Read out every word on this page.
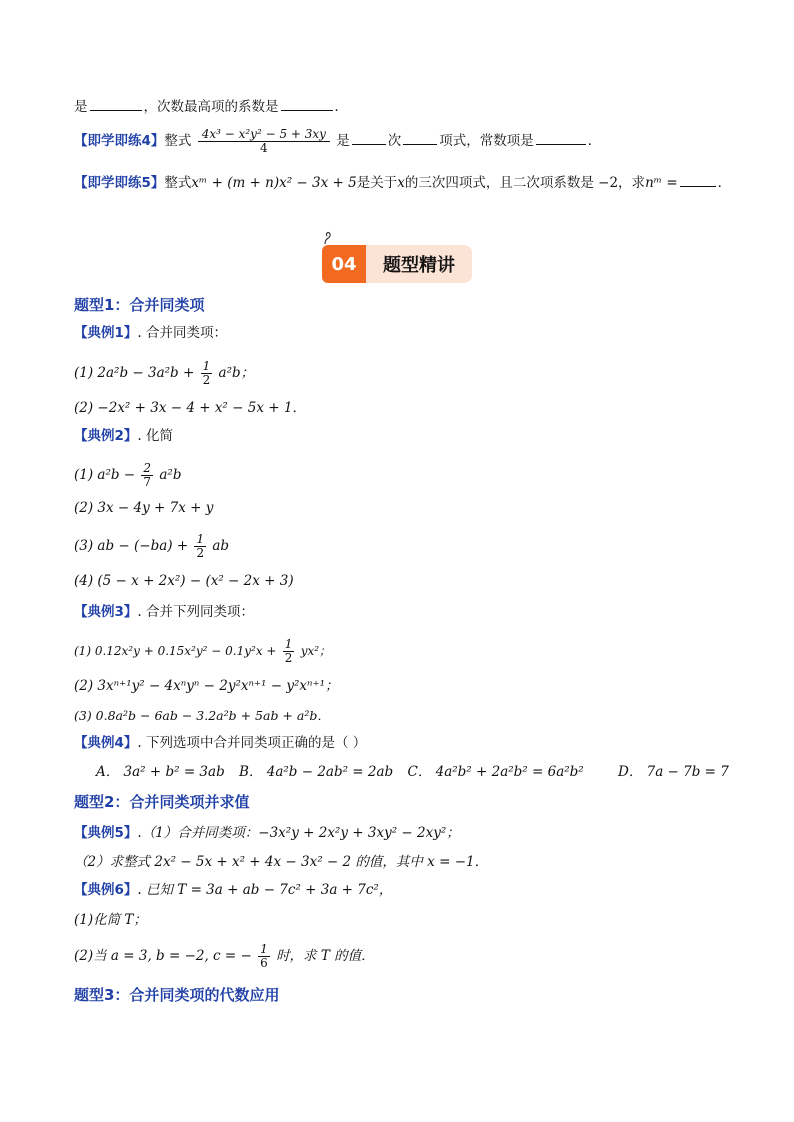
是	，次数最高项的系数是	．
【即学即练4】整式 $\frac{\text{4x³ − x²y² − 5 + 3xy}}{4}$ 是	次	项式，常数项是	．
【即学即练5】整式xᵐ + (m + n)x² − 3x + 5是关于x的三次四项式，且二次项系数是 −2，求nᵐ =	．
04	题型精讲
题型1：合并同类项
【典例1】. 合并同类项：
(1) $2a^2b - 3a^2b + \frac{1}{2} a^2b$；
(2) −2x² + 3x − 4 + x² − 5x + 1．
【典例2】. 化简
(1) $a^2b - \frac{2}{7} a^2b$
(2) 3x − 4y + 7x + y
(3) ab − $(-ba) + \frac{1}{2}$ ab
(4) (5 − x + 2x²) − (x² − 2x + 3)
【典例3】. 合并下列同类项：
(1) $0.12x^2y + 0.15x^2y^2 - 0.1y^2x + \frac{1}{2} yx^2$；
(2) 3xⁿ⁺¹y² − 4xⁿyⁿ − 2y²xⁿ⁺¹ − y²xⁿ⁺¹；
(3) 0.8a²b − 6ab − 3.2a²b + 5ab + a²b．
【典例4】. 下列选项中合并同类项正确的是（ ）
A． 3a² + b² = 3ab B． 4a²b − 2ab² = 2ab C． 4a²b² + 2a²b² = 6a²b²	D． 7a − 7b = 7
题型2：合并同类项并求值
【典例5】.（1）合并同类项：−3x²y + 2x²y + 3xy² − 2xy²；
（2）求整式 2x² − 5x + x² + 4x − 3x² − 2 的值，其中 x = −1．
【典例6】. 已知 T = 3a + ab − 7c² + 3a + 7c²，
(1)化简 T；
(2)当 a = 3, b = −2, c = − $\frac{1}{6}$ 时，求 T 的值．
题型3：合并同类项的代数应用
